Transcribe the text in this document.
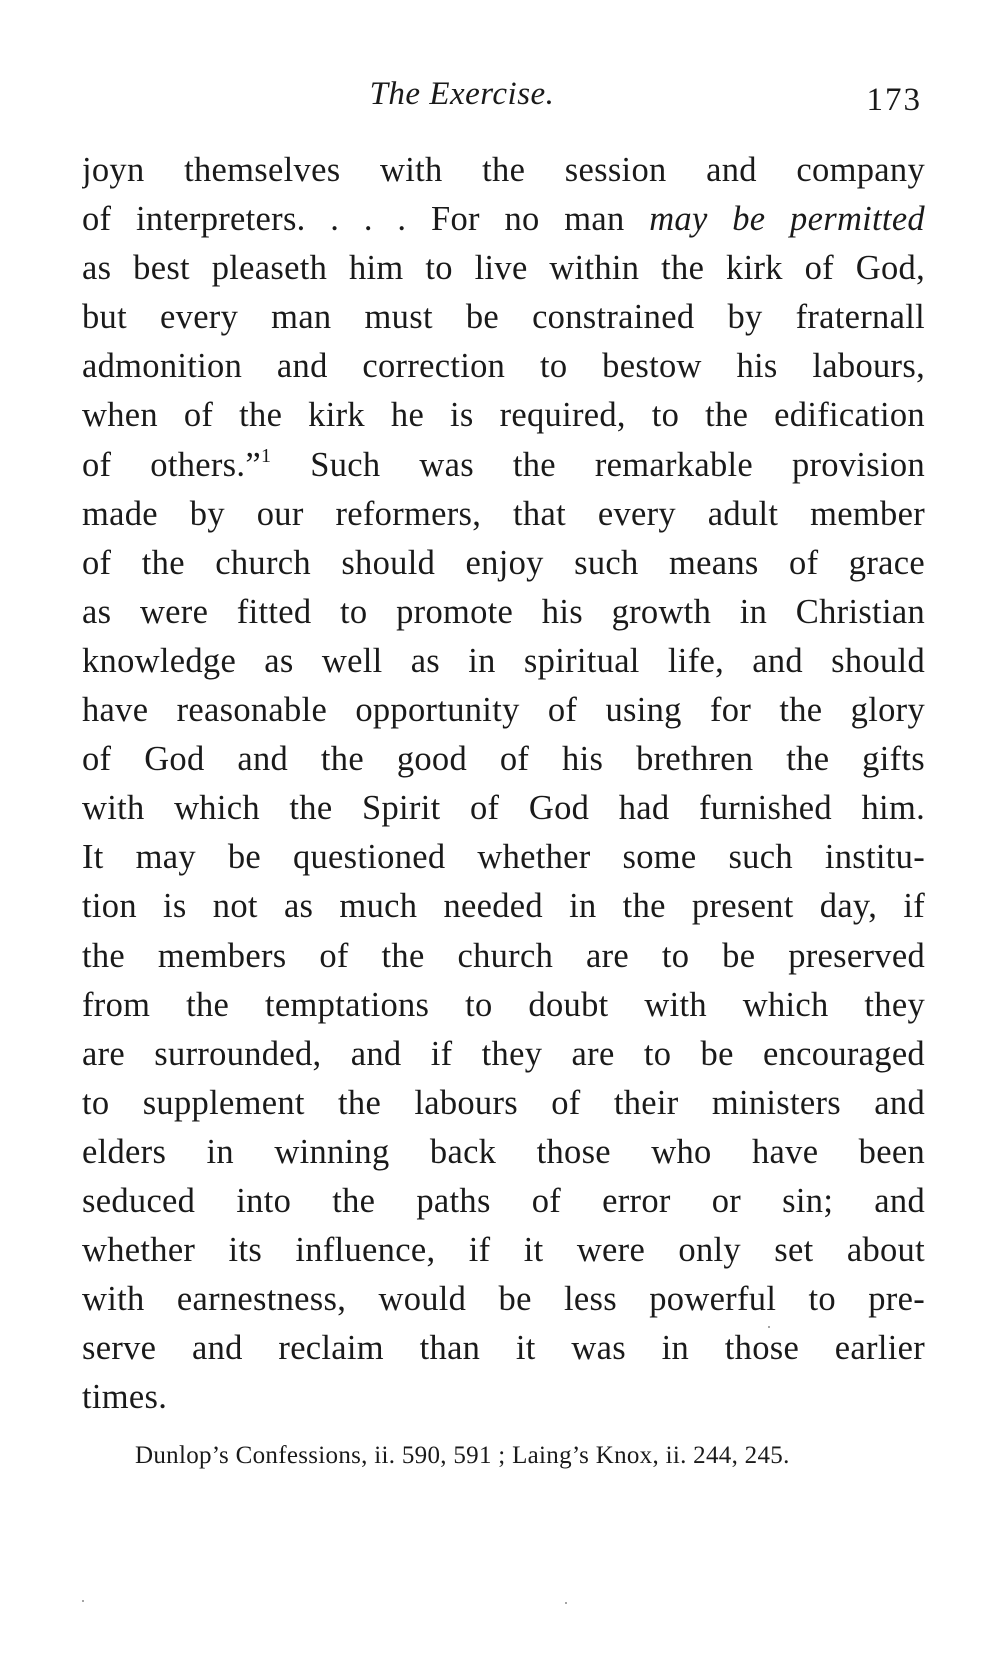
The Exercise.	173
joyn themselves with the session and company
of interpreters. . . . For no man may be permitted
as best pleaseth him to live within the kirk of God,
but every man must be constrained by fraternall
admonition and correction to bestow his labours,
when of the kirk he is required, to the edification
of others.”$^1$ Such was the remarkable provision
made by our reformers, that every adult member
of the church should enjoy such means of grace
as were fitted to promote his growth in Christian
knowledge as well as in spiritual life, and should
have reasonable opportunity of using for the glory
of God and the good of his brethren the gifts
with which the Spirit of God had furnished him.
It may be questioned whether some such institu-
tion is not as much needed in the present day, if
the members of the church are to be preserved
from the temptations to doubt with which they
are surrounded, and if they are to be encouraged
to supplement the labours of their ministers and
elders in winning back those who have been
seduced into the paths of error or sin; and
whether its influence, if it were only set about
with earnestness, would be less powerful to pre-
serve and reclaim than it was in those earlier
times.
Dunlop’s Confessions, ii. 590, 591 ; Laing’s Knox, ii. 244, 245.
